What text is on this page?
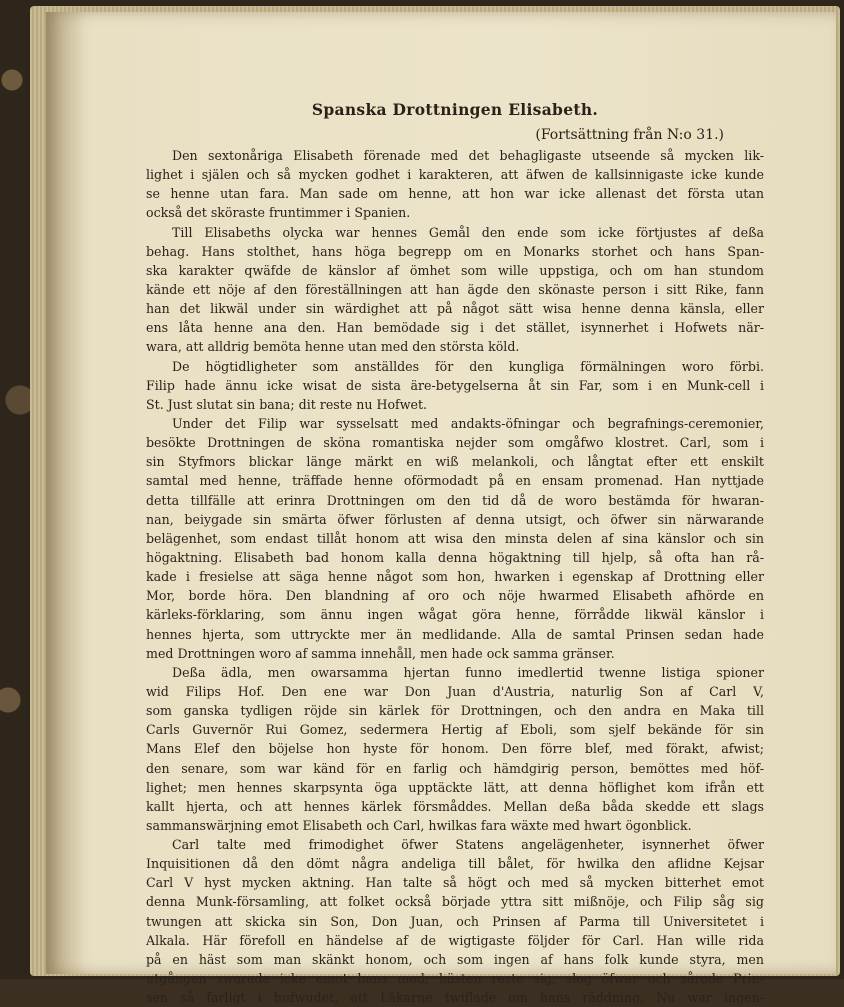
Spanska Drottningen Elisabeth.
(Fortsättning från N:o 31.)
Den sextonåriga Elisabeth förenade med det behagligaste utseende så mycken lik-
lighet i själen och så mycken godhet i karakteren, att äfwen de kallsinnigaste icke kunde
se henne utan fara. Man sade om henne, att hon war icke allenast det första utan
också det sköraste fruntimmer i Spanien.
Till Elisabeths olycka war hennes Gemål den ende som icke förtjustes af deßa
behag. Hans stolthet, hans höga begrepp om en Monarks storhet och hans Span-
ska karakter qwäfde de känslor af ömhet som wille uppstiga, och om han stundom
kände ett nöje af den föreställningen att han ägde den skönaste person i sitt Rike, fann
han det likwäl under sin wärdighet att på något sätt wisa henne denna känsla, eller
ens låta henne ana den. Han bemödade sig i det stället, isynnerhet i Hofwets när-
wara, att alldrig bemöta henne utan med den största köld.
De högtidligheter som anställdes för den kungliga förmälningen woro förbi.
Filip hade ännu icke wisat de sista äre-betygelserna åt sin Far, som i en Munk-cell i
St. Just slutat sin bana; dit reste nu Hofwet.
Under det Filip war sysselsatt med andakts-öfningar och begrafnings-ceremonier,
besökte Drottningen de sköna romantiska nejder som omgåfwo klostret. Carl, som i
sin Styfmors blickar länge märkt en wiß melankoli, och långtat efter ett enskilt
samtal med henne, träffade henne oförmodadt på en ensam promenad. Han nyttjade
detta tillfälle att erinra Drottningen om den tid då de woro bestämda för hwaran-
nan, beiygade sin smärta öfwer förlusten af denna utsigt, och öfwer sin närwarande
belägenhet, som endast tillåt honom att wisa den minsta delen af sina känslor och sin
högaktning. Elisabeth bad honom kalla denna högaktning till hjelp, så ofta han rå-
kade i fresielse att säga henne något som hon, hwarken i egenskap af Drottning eller
Mor, borde höra. Den blandning af oro och nöje hwarmed Elisabeth afhörde en
kärleks-förklaring, som ännu ingen wågat göra henne, förrådde likwäl känslor i
hennes hjerta, som uttryckte mer än medlidande. Alla de samtal Prinsen sedan hade
med Drottningen woro af samma innehåll, men hade ock samma gränser.
Deßa ädla, men owarsamma hjertan funno imedlertid twenne listiga spioner
wid Filips Hof. Den ene war Don Juan d'Austria, naturlig Son af Carl V,
som ganska tydligen röjde sin kärlek för Drottningen, och den andra en Maka till
Carls Guvernör Rui Gomez, sedermera Hertig af Eboli, som sjelf bekände för sin
Mans Elef den böjelse hon hyste för honom. Den förre blef, med förakt, afwist;
den senare, som war känd för en farlig och hämdgirig person, bemöttes med höf-
lighet; men hennes skarpsynta öga upptäckte lätt, att denna höflighet kom ifrån ett
kallt hjerta, och att hennes kärlek försmåddes. Mellan deßa båda skedde ett slags
sammanswärjning emot Elisabeth och Carl, hwilkas fara wäxte med hwart ögonblick.
Carl talte med frimodighet öfwer Statens angelägenheter, isynnerhet öfwer
Inquisitionen då den dömt några andeliga till bålet, för hwilka den aflidne Kejsar
Carl V hyst mycken aktning. Han talte så högt och med så mycken bitterhet emot
denna Munk-församling, att folket också började yttra sitt mißnöje, och Filip såg sig
twungen att skicka sin Son, Don Juan, och Prinsen af Parma till Universitetet i
Alkala. Här förefoll en händelse af de wigtigaste följder för Carl. Han wille rida
på en häst som man skänkt honom, och som ingen af hans folk kunde styra, men
utgången swarade icke emot hans mod; hästen reste sig, slog öfwer och sårade Prin-
sen så farligt i hufwudet, att Läkarne twiflade om hans räddning. Nu war ingen-
